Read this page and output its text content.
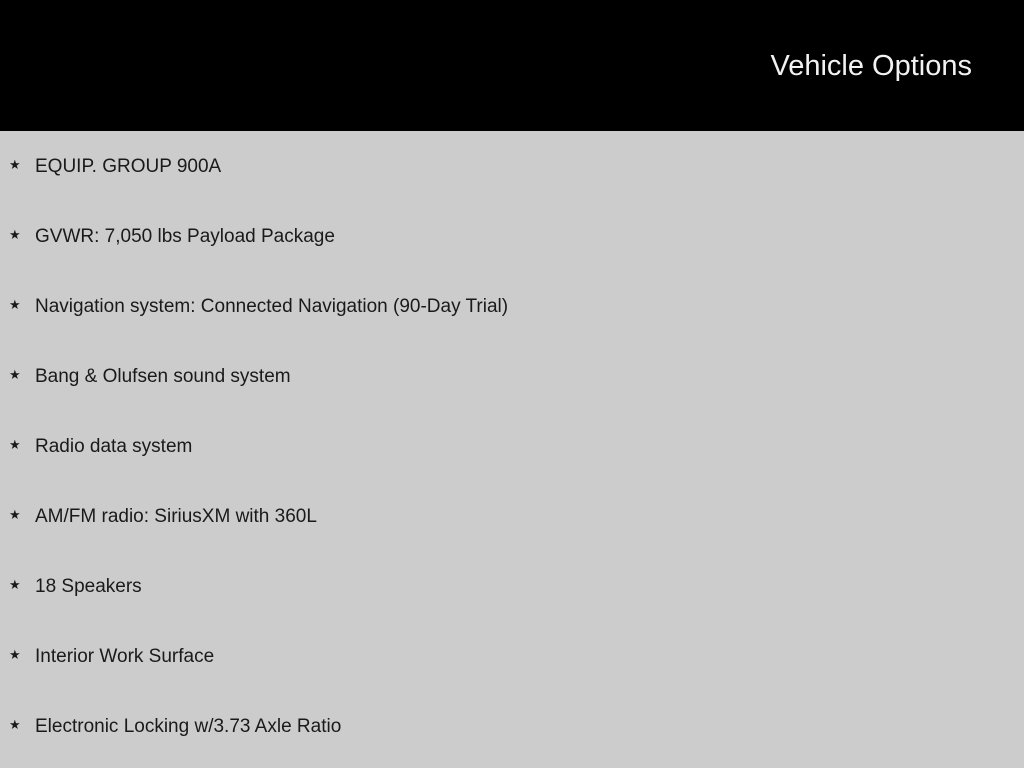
Vehicle Options
★ EQUIP. GROUP 900A
★ GVWR: 7,050 lbs Payload Package
★ Navigation system: Connected Navigation (90-Day Trial)
★ Bang & Olufsen sound system
★ Radio data system
★ AM/FM radio: SiriusXM with 360L
★ 18 Speakers
★ Interior Work Surface
★ Electronic Locking w/3.73 Axle Ratio
